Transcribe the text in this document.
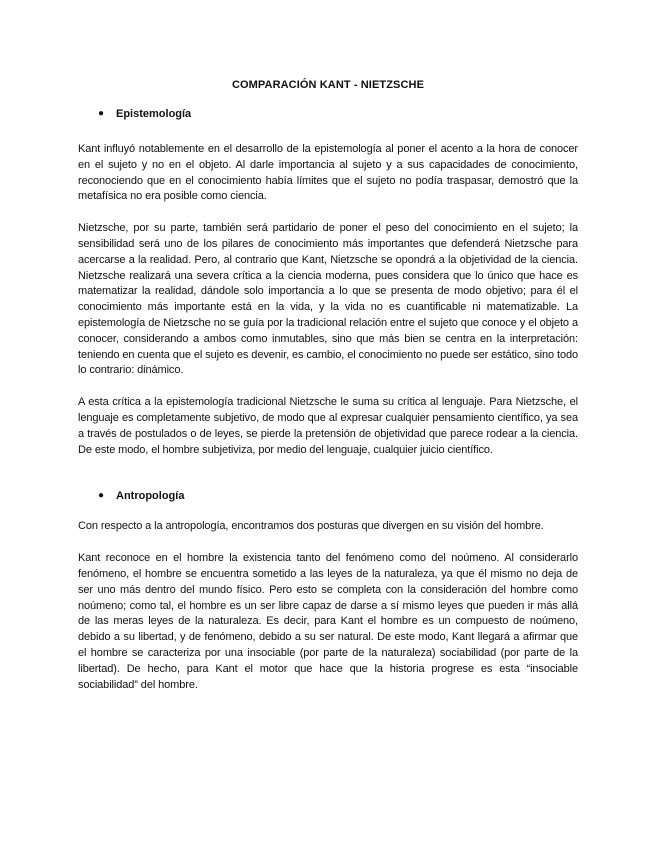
COMPARACIÓN KANT - NIETZSCHE
● Epistemología

Kant influyó notablemente en el desarrollo de la epistemología al poner el acento a la hora de conocer en el sujeto y no en el objeto. Al darle importancia al sujeto y a sus capacidades de conocimiento, reconociendo que en el conocimiento había límites que el sujeto no podía traspasar, demostró que la metafísica no era posible como ciencia.

Nietzsche, por su parte, también será partidario de poner el peso del conocimiento en el sujeto; la sensibilidad será uno de los pilares de conocimiento más importantes que defenderá Nietzsche para acercarse a la realidad. Pero, al contrario que Kant, Nietzsche se opondrá a la objetividad de la ciencia. Nietzsche realizará una severa crítica a la ciencia moderna, pues considera que lo único que hace es matematizar la realidad, dándole solo importancia a lo que se presenta de modo objetivo; para él el conocimiento más importante está en la vida, y la vida no es cuantificable ni matematizable. La epistemología de Nietzsche no se guía por la tradicional relación entre el sujeto que conoce y el objeto a conocer, considerando a ambos como inmutables, sino que más bien se centra en la interpretación: teniendo en cuenta que el sujeto es devenir, es cambio, el conocimiento no puede ser estático, sino todo lo contrario: dinámico.

A esta crítica a la epistemología tradicional Nietzsche le suma su crítica al lenguaje. Para Nietzsche, el lenguaje es completamente subjetivo, de modo que al expresar cualquier pensamiento científico, ya sea a través de postulados o de leyes, se pierde la pretensión de objetividad que parece rodear a la ciencia. De este modo, el hombre subjetiviza, por medio del lenguaje, cualquier juicio científico.

● Antropología

Con respecto a la antropología, encontramos dos posturas que divergen en su visión del hombre.

Kant reconoce en el hombre la existencia tanto del fenómeno como del noúmeno. Al considerarlo fenómeno, el hombre se encuentra sometido a las leyes de la naturaleza, ya que él mismo no deja de ser uno más dentro del mundo físico. Pero esto se completa con la consideración del hombre como noúmeno; como tal, el hombre es un ser libre capaz de darse a sí mismo leyes que pueden ir más allá de las meras leyes de la naturaleza. Es decir, para Kant el hombre es un compuesto de noúmeno, debido a su libertad, y de fenómeno, debido a su ser natural. De este modo, Kant llegará a afirmar que el hombre se caracteriza por una insociable (por parte de la naturaleza) sociabilidad (por parte de la libertad). De hecho, para Kant el motor que hace que la historia progrese es esta “insociable sociabilidad” del hombre.
